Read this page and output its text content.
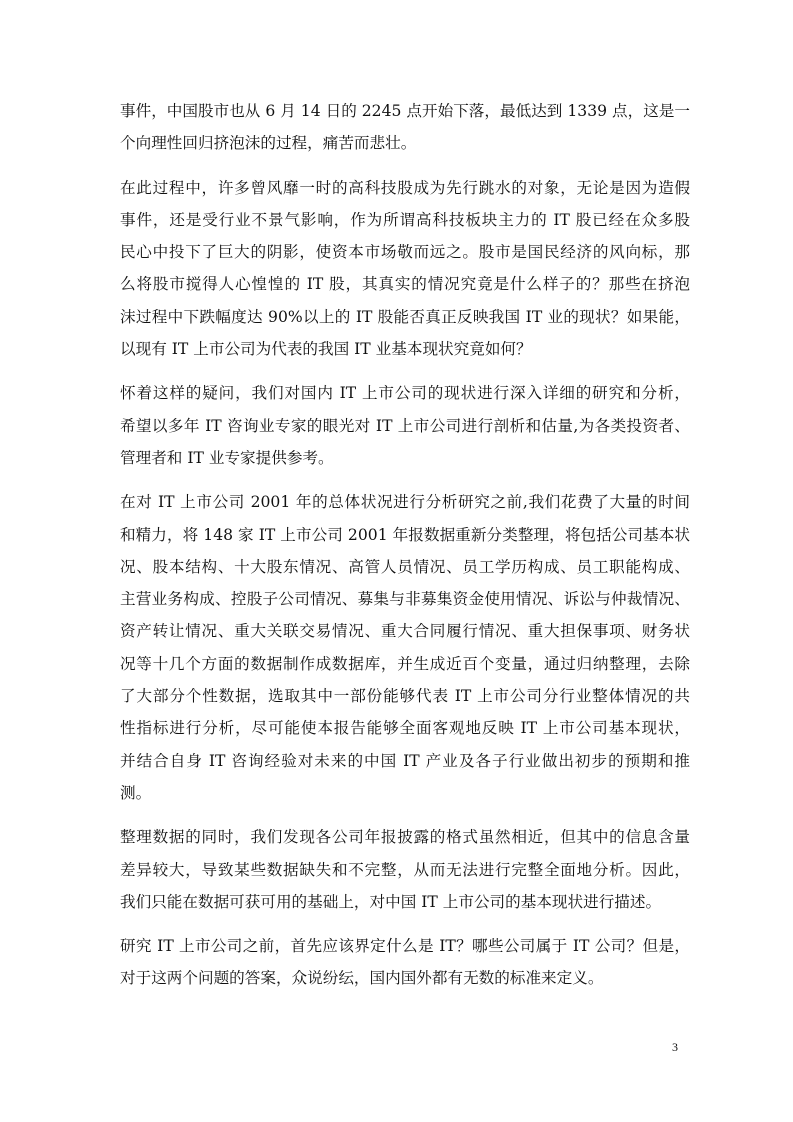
事件，中国股市也从 6 月 14 日的 2245 点开始下落，最低达到 1339 点，这是一
个向理性回归挤泡沫的过程，痛苦而悲壮。
在此过程中，许多曾风靡一时的高科技股成为先行跳水的对象，无论是因为造假
事件，还是受行业不景气影响，作为所谓高科技板块主力的 IT 股已经在众多股
民心中投下了巨大的阴影，使资本市场敬而远之。股市是国民经济的风向标，那
么将股市搅得人心惶惶的 IT 股，其真实的情况究竟是什么样子的？那些在挤泡
沫过程中下跌幅度达 90%以上的 IT 股能否真正反映我国 IT 业的现状？如果能，
以现有 IT 上市公司为代表的我国 IT 业基本现状究竟如何？
怀着这样的疑问，我们对国内 IT 上市公司的现状进行深入详细的研究和分析，
希望以多年 IT 咨询业专家的眼光对 IT 上市公司进行剖析和估量,为各类投资者、
管理者和 IT 业专家提供参考。
在对 IT 上市公司 2001 年的总体状况进行分析研究之前,我们花费了大量的时间
和精力，将 148 家 IT 上市公司 2001 年报数据重新分类整理，将包括公司基本状
况、股本结构、十大股东情况、高管人员情况、员工学历构成、员工职能构成、
主营业务构成、控股子公司情况、募集与非募集资金使用情况、诉讼与仲裁情况、
资产转让情况、重大关联交易情况、重大合同履行情况、重大担保事项、财务状
况等十几个方面的数据制作成数据库，并生成近百个变量，通过归纳整理，去除
了大部分个性数据，选取其中一部份能够代表 IT 上市公司分行业整体情况的共
性指标进行分析，尽可能使本报告能够全面客观地反映 IT 上市公司基本现状，
并结合自身 IT 咨询经验对未来的中国 IT 产业及各子行业做出初步的预期和推
测。
整理数据的同时，我们发现各公司年报披露的格式虽然相近，但其中的信息含量
差异较大，导致某些数据缺失和不完整，从而无法进行完整全面地分析。因此，
我们只能在数据可获可用的基础上，对中国 IT 上市公司的基本现状进行描述。
研究 IT 上市公司之前，首先应该界定什么是 IT？哪些公司属于 IT 公司？但是，
对于这两个问题的答案，众说纷纭，国内国外都有无数的标准来定义。
3
